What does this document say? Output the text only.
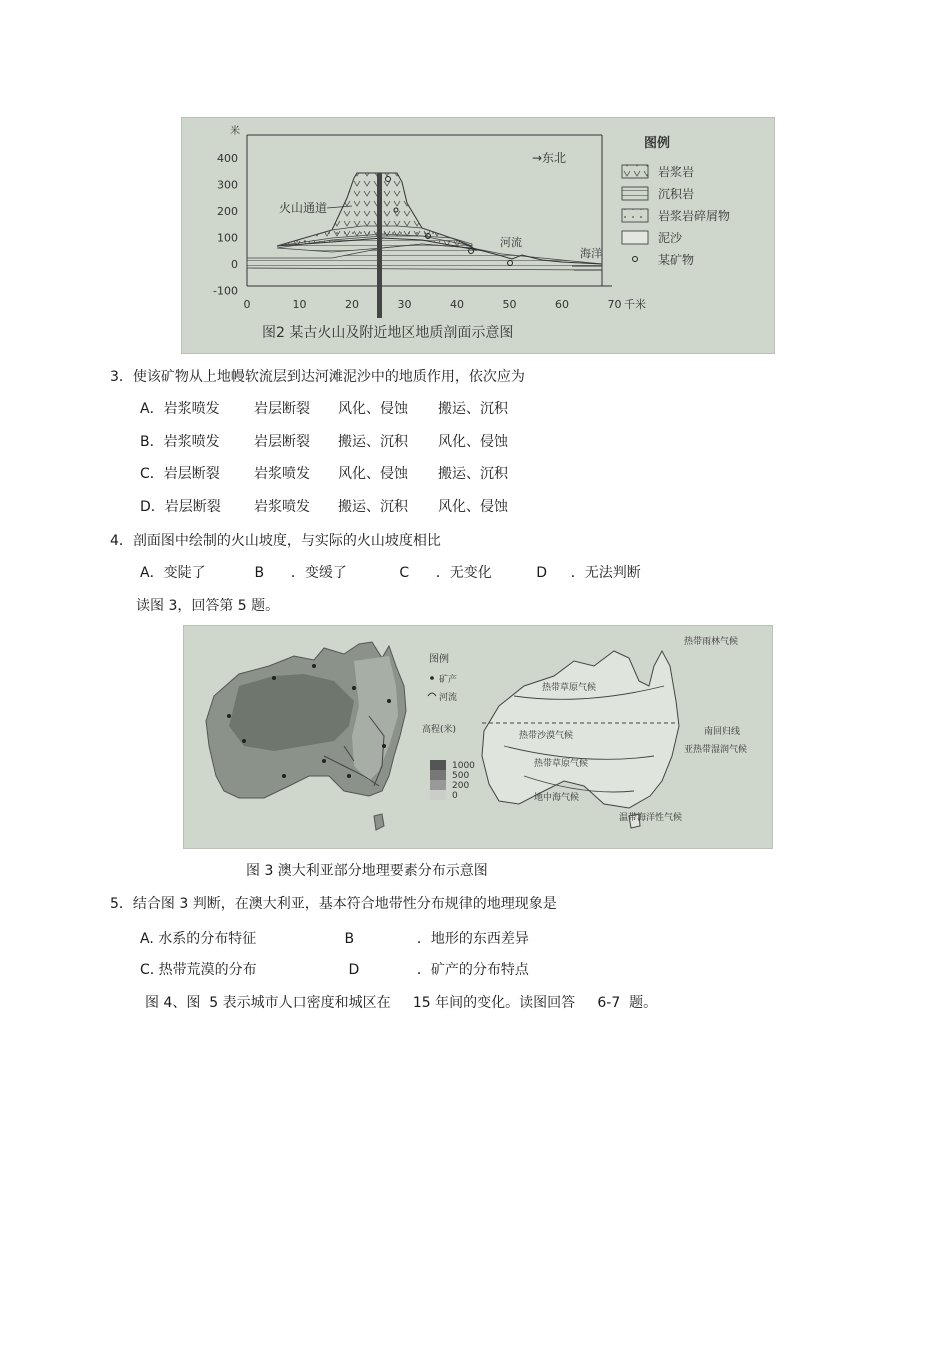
米
400
300
200
100
0
-100
0	10	20	30	40	50	60	70 千米
→东北
火山通道
河流
海洋
图例
岩浆岩
沉积岩
岩浆岩碎屑物
泥沙
某矿物
图2 某古火山及附近地区地质剖面示意图
3．使该矿物从上地幔软流层到达河滩泥沙中的地质作用，依次应为
A．岩浆喷发 岩层断裂 风化、侵蚀 搬运、沉积
B．岩浆喷发 岩层断裂 搬运、沉积 风化、侵蚀
C．岩层断裂 岩浆喷发 风化、侵蚀 搬运、沉积
D．岩层断裂 岩浆喷发 搬运、沉积 风化、侵蚀
4．剖面图中绘制的火山坡度，与实际的火山坡度相比
A．变陡了	B ．变缓了	C ．无变化	D ．无法判断
读图 3，回答第 5 题。
图例
矿产
河流
高程(米)
1000
500
200
0
热带草原气候
热带沙漠气候
热带草原气候
地中海气候
温带海洋性气候
热带雨林气候
亚热带湿润气候
南回归线
图 3 澳大利亚部分地理要素分布示意图
5．结合图 3 判断，在澳大利亚，基本符合地带性分布规律的地理现象是
A. 水系的分布特征	B	．地形的东西差异
C. 热带荒漠的分布	D	．矿产的分布特点
图 4、图  5 表示城市人口密度和城区在     15 年间的变化。读图回答     6-7  题。
